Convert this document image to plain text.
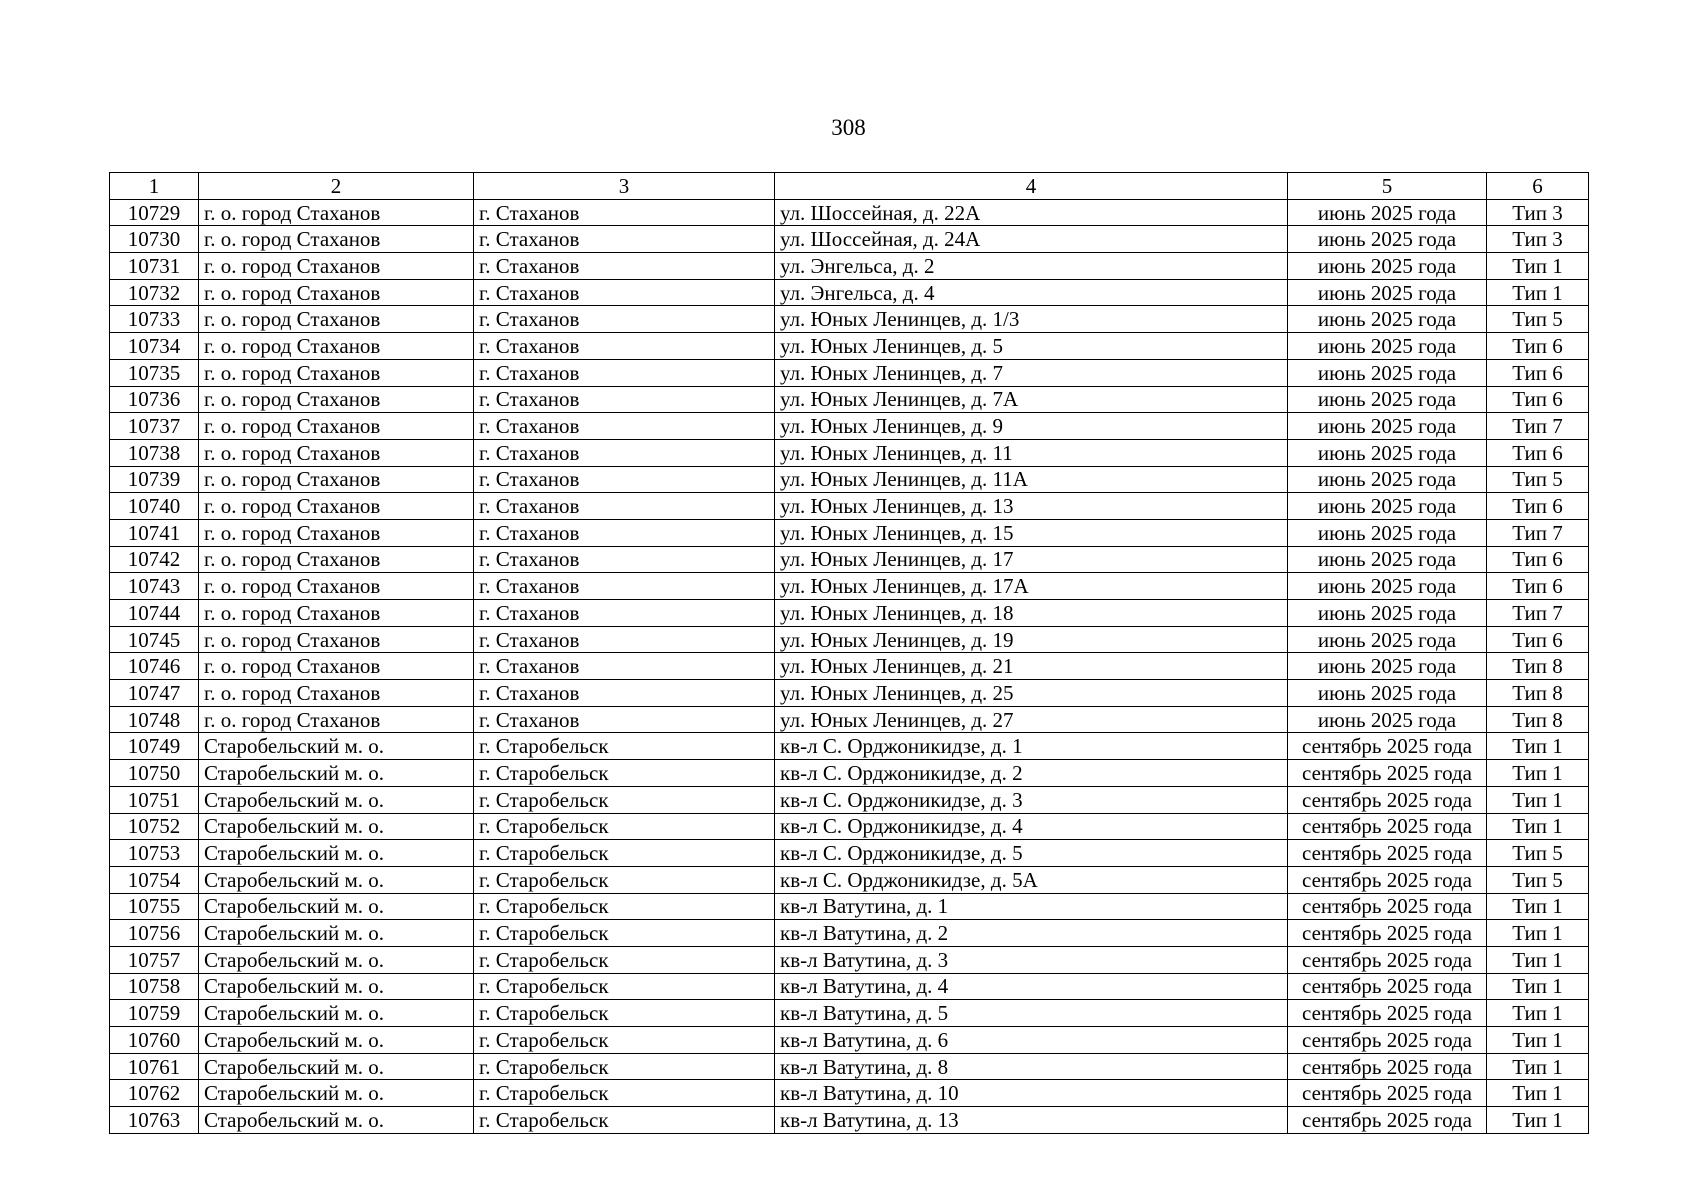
308
1	2	3	4	5	6
10729	г. о. город Стаханов	г. Стаханов	ул. Шоссейная, д. 22А	июнь 2025 года	Тип 3
10730	г. о. город Стаханов	г. Стаханов	ул. Шоссейная, д. 24А	июнь 2025 года	Тип 3
10731	г. о. город Стаханов	г. Стаханов	ул. Энгельса, д. 2	июнь 2025 года	Тип 1
10732	г. о. город Стаханов	г. Стаханов	ул. Энгельса, д. 4	июнь 2025 года	Тип 1
10733	г. о. город Стаханов	г. Стаханов	ул. Юных Ленинцев, д. 1/3	июнь 2025 года	Тип 5
10734	г. о. город Стаханов	г. Стаханов	ул. Юных Ленинцев, д. 5	июнь 2025 года	Тип 6
10735	г. о. город Стаханов	г. Стаханов	ул. Юных Ленинцев, д. 7	июнь 2025 года	Тип 6
10736	г. о. город Стаханов	г. Стаханов	ул. Юных Ленинцев, д. 7А	июнь 2025 года	Тип 6
10737	г. о. город Стаханов	г. Стаханов	ул. Юных Ленинцев, д. 9	июнь 2025 года	Тип 7
10738	г. о. город Стаханов	г. Стаханов	ул. Юных Ленинцев, д. 11	июнь 2025 года	Тип 6
10739	г. о. город Стаханов	г. Стаханов	ул. Юных Ленинцев, д. 11А	июнь 2025 года	Тип 5
10740	г. о. город Стаханов	г. Стаханов	ул. Юных Ленинцев, д. 13	июнь 2025 года	Тип 6
10741	г. о. город Стаханов	г. Стаханов	ул. Юных Ленинцев, д. 15	июнь 2025 года	Тип 7
10742	г. о. город Стаханов	г. Стаханов	ул. Юных Ленинцев, д. 17	июнь 2025 года	Тип 6
10743	г. о. город Стаханов	г. Стаханов	ул. Юных Ленинцев, д. 17А	июнь 2025 года	Тип 6
10744	г. о. город Стаханов	г. Стаханов	ул. Юных Ленинцев, д. 18	июнь 2025 года	Тип 7
10745	г. о. город Стаханов	г. Стаханов	ул. Юных Ленинцев, д. 19	июнь 2025 года	Тип 6
10746	г. о. город Стаханов	г. Стаханов	ул. Юных Ленинцев, д. 21	июнь 2025 года	Тип 8
10747	г. о. город Стаханов	г. Стаханов	ул. Юных Ленинцев, д. 25	июнь 2025 года	Тип 8
10748	г. о. город Стаханов	г. Стаханов	ул. Юных Ленинцев, д. 27	июнь 2025 года	Тип 8
10749	Старобельский м. о.	г. Старобельск	кв-л С. Орджоникидзе, д. 1	сентябрь 2025 года	Тип 1
10750	Старобельский м. о.	г. Старобельск	кв-л С. Орджоникидзе, д. 2	сентябрь 2025 года	Тип 1
10751	Старобельский м. о.	г. Старобельск	кв-л С. Орджоникидзе, д. 3	сентябрь 2025 года	Тип 1
10752	Старобельский м. о.	г. Старобельск	кв-л С. Орджоникидзе, д. 4	сентябрь 2025 года	Тип 1
10753	Старобельский м. о.	г. Старобельск	кв-л С. Орджоникидзе, д. 5	сентябрь 2025 года	Тип 5
10754	Старобельский м. о.	г. Старобельск	кв-л С. Орджоникидзе, д. 5А	сентябрь 2025 года	Тип 5
10755	Старобельский м. о.	г. Старобельск	кв-л Ватутина, д. 1	сентябрь 2025 года	Тип 1
10756	Старобельский м. о.	г. Старобельск	кв-л Ватутина, д. 2	сентябрь 2025 года	Тип 1
10757	Старобельский м. о.	г. Старобельск	кв-л Ватутина, д. 3	сентябрь 2025 года	Тип 1
10758	Старобельский м. о.	г. Старобельск	кв-л Ватутина, д. 4	сентябрь 2025 года	Тип 1
10759	Старобельский м. о.	г. Старобельск	кв-л Ватутина, д. 5	сентябрь 2025 года	Тип 1
10760	Старобельский м. о.	г. Старобельск	кв-л Ватутина, д. 6	сентябрь 2025 года	Тип 1
10761	Старобельский м. о.	г. Старобельск	кв-л Ватутина, д. 8	сентябрь 2025 года	Тип 1
10762	Старобельский м. о.	г. Старобельск	кв-л Ватутина, д. 10	сентябрь 2025 года	Тип 1
10763	Старобельский м. о.	г. Старобельск	кв-л Ватутина, д. 13	сентябрь 2025 года	Тип 1
